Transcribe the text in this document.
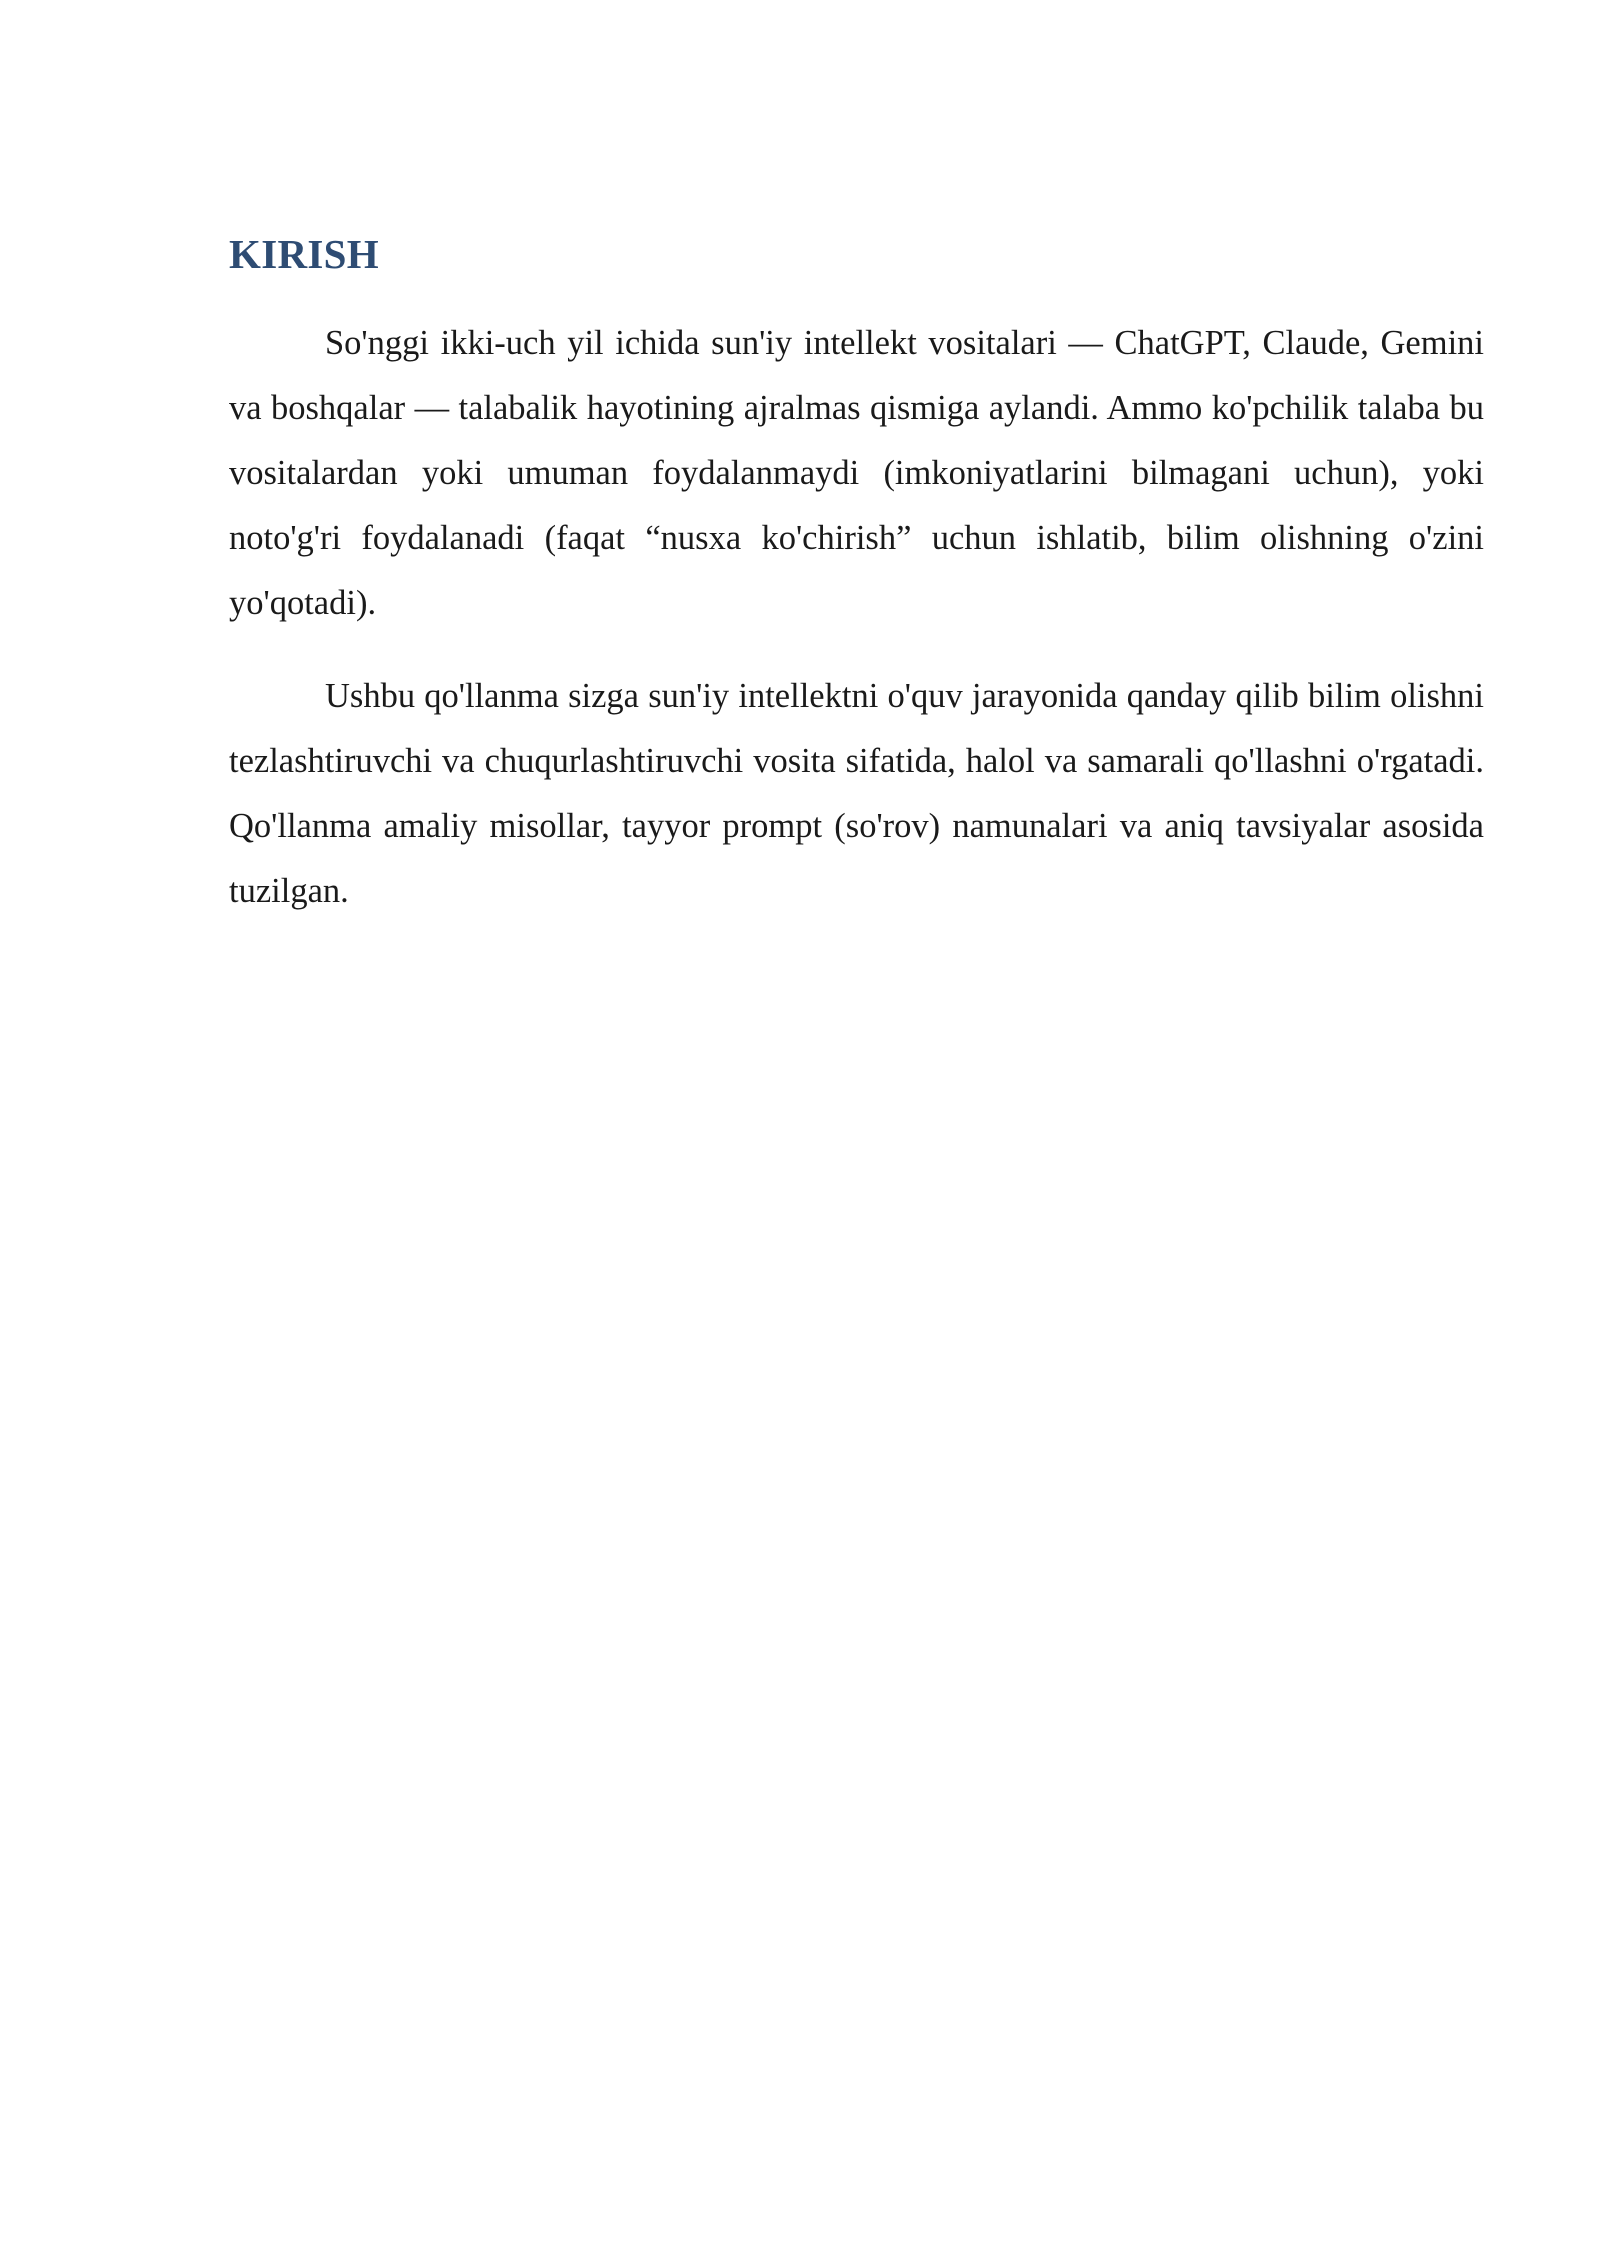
KIRISH

So'nggi ikki-uch yil ichida sun'iy intellekt vositalari — ChatGPT, Claude, Gemini va boshqalar — talabalik hayotining ajralmas qismiga aylandi. Ammo ko'pchilik talaba bu vositalardan yoki umuman foydalanmaydi (imkoniyatlarini bilmagani uchun), yoki noto'g'ri foydalanadi (faqat “nusxa ko'chirish” uchun ishlatib, bilim olishning o'zini yo'qotadi).

Ushbu qo'llanma sizga sun'iy intellektni o'quv jarayonida qanday qilib bilim olishni tezlashtiruvchi va chuqurlashtiruvchi vosita sifatida, halol va samarali qo'llashni o'rgatadi. Qo'llanma amaliy misollar, tayyor prompt (so'rov) namunalari va aniq tavsiyalar asosida tuzilgan.
